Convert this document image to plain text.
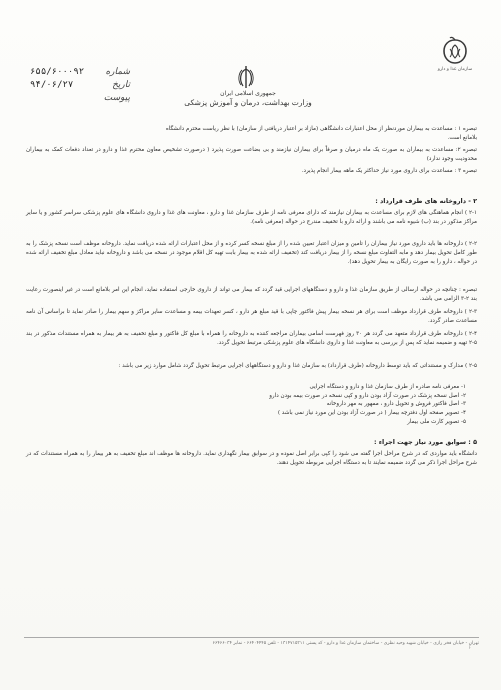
سازمان غذا و دارو
جمهوری اسلامی ایران
وزارت بهداشت، درمان و آموزش پزشکی
شماره
۶۵۵/۶۰۰۰۹۲
تاریخ
۹۴/۰۶/۲۷
پیوست

تبصره ۱ : مساعدت به بیماران موردنظر از محل اعتبارات دانشگاهی (مازاد بر اعتبار دریافتی از سازمان) با نظر ریاست محترم دانشگاه

بلامانع است.

تبصره ۲: مساعدت به بیماران به صورت یک ماه درمیان و صرفاً برای بیماران نیازمند و بی بضاعت صورت پذیرد ( درصورت تشخیص معاون محترم غذا و دارو در تعداد دفعات کمک به بیماران محدودیت وجود ندارد)

تبصره ۳ : مساعدت برای داروی مورد نیاز حداکثر یک ماهه بیمار انجام پذیرد.

۲ - داروخانه های طرف قرارداد :

۲-۱ ) انجام هماهنگی های لازم برای مساعدت به بیماران نیازمند که دارای معرفی نامه از طرف سازمان غذا و دارو ، معاونت های غذا و داروی دانشگاه های علوم پزشکی سراسر کشور و یا سایر مراکز مذکور در بند (ب) شیوه نامه می باشند و ارائه دارو با تخفیف مندرج در حواله (معرفی نامه).

۲-۲ ) داروخانه ها باید داروی مورد نیاز بیماران را تامین و میزان اعتبار تعیین شده را از مبلغ نسخه کسر کرده و از محل اعتبارات ارائه شده دریافت نماید. داروخانه موظف است نسخه پزشک را به طور کامل تحویل بیمار دهد و مابه التفاوت مبلغ نسخه را از بیمار دریافت کند (تخفیف ارائه شده به بیمار بابت تهیه کل اقلام موجود در نسخه می باشد و داروخانه نباید معادل مبلغ تخفیف ارائه شده در حواله ، دارو را به صورت رایگان به بیمار تحویل دهد).

تبصره : چنانچه در حواله ارسالی از طریق سازمان غذا و دارو و دستگاههای اجرایی قید گردد که بیمار می تواند از داروی خارجی استفاده نماید، انجام این امر بلامانع است در غیر اینصورت رعایت بند ۲-۳ الزامی می باشد.

۲-۳ ) داروخانه طرف قرارداد موظف است برای هر نسخه بیمار پیش فاکتور چاپی با قید مبلغ هر دارو ، کسر تعهدات بیمه و مساعدت سایر مراکز و سهم بیمار را صادر نماید تا براساس آن نامه مساعدت صادر گردد.

۲-۴ ) داروخانه طرف قرارداد متعهد می گردد هر ۳۰ روز فهرست اسامی بیماران مراجعه کننده به داروخانه را همراه با مبلغ کل فاکتور و مبلغ تخفیف به هر بیمار به همراه مستندات مذکور در بند ۵-۲ تهیه و ضمیمه نماید که پس از بررسی به معاونت غذا و داروی دانشگاه های علوم پزشکی مرتبط تحویل گردد.

۲-۵ ) مدارک و مستنداتی که باید توسط داروخانه (طرف قرارداد) به سازمان غذا و دارو و دستگاههای اجرایی مرتبط تحویل گردد شامل موارد زیر می باشد :

۱- معرفی نامه صادره از طرف سازمان غذا و دارو و دستگاه اجرایی
۲- اصل نسخه پزشک در صورت آزاد بودن دارو و کپی نسخه در صورت بیمه بودن دارو
۳- اصل فاکتور فروش و تحویل دارو ، ممهور به مهر داروخانه
۴- تصویر صفحه اول دفترچه بیمار ( در صورت آزاد بودن این مورد نیاز نمی باشد )
۵- تصویر کارت ملی بیمار
۵ : سوابق مورد نیاز جهت اجراء :

دانشگاه باید مواردی که در شرح مراحل اجرا گفته می شود را کپی برابر اصل نموده و در سوابق بیمار نگهداری نماید. داروخانه ها موظف اند مبلغ تخفیف به هر بیمار را به همراه مستندات که در شرح مراحل اجرا ذکر می گردد ضمیمه نمایند تا به دستگاه اجرایی مربوطه تحویل دهند.

تهران - خیابان فخر رازی - خیابان شهید وحید نظری - ساختمان سازمان غذا و دارو - کد پستی ۱۳۱۴۷۱۵۳۱۱ - تلفن ۶۶۴۰۴۴۴۵ - نمابر ۶۶۴۶۶۰۳۴
F
